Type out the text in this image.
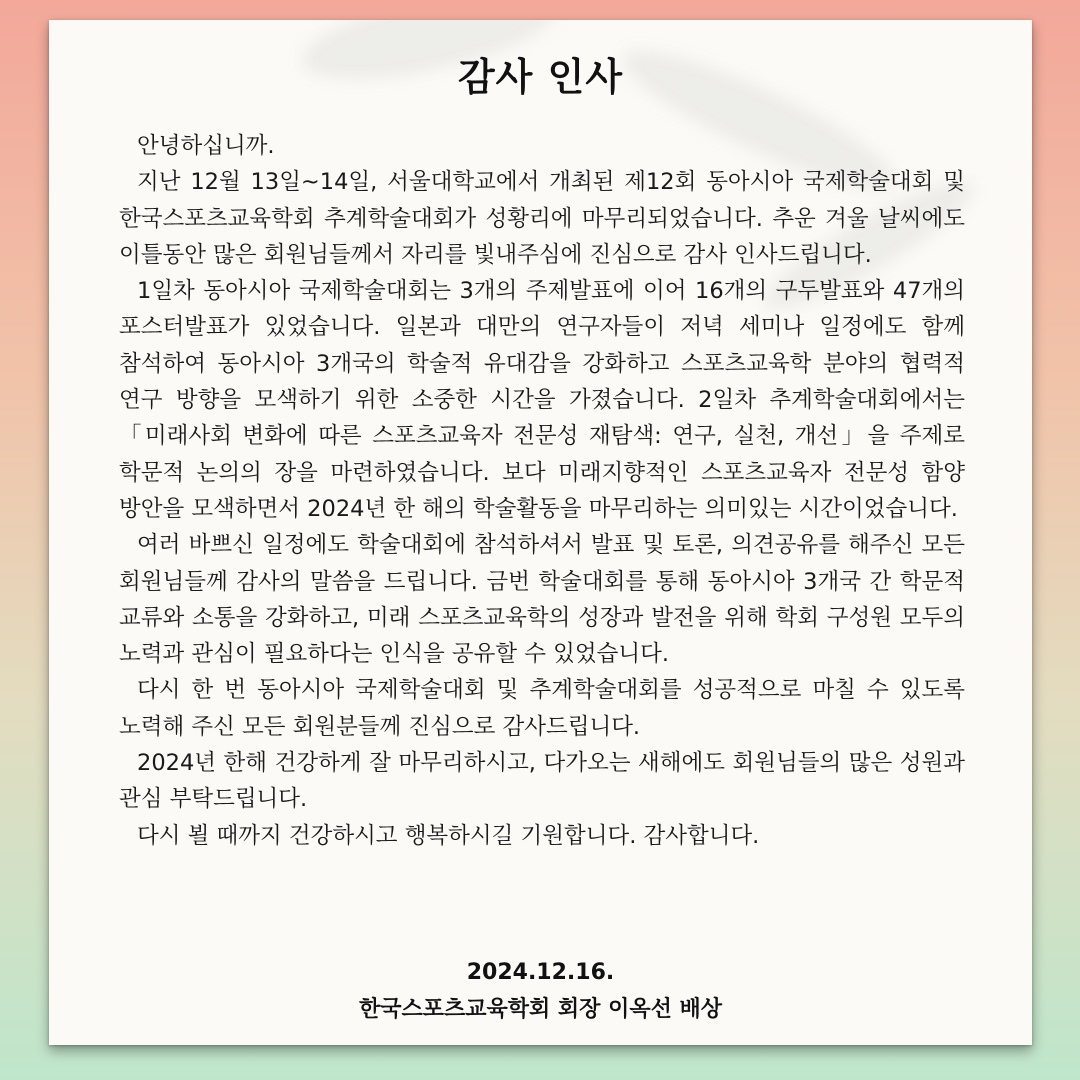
감사 인사

안녕하십니까.

지난 12월 13일~14일, 서울대학교에서 개최된 제12회 동아시아 국제학술대회 및 한국스포츠교육학회 추계학술대회가 성황리에 마무리되었습니다. 추운 겨울 날씨에도 이틀동안 많은 회원님들께서 자리를 빛내주심에 진심으로 감사 인사드립니다.

1일차 동아시아 국제학술대회는 3개의 주제발표에 이어 16개의 구두발표와 47개의 포스터발표가 있었습니다. 일본과 대만의 연구자들이 저녁 세미나 일정에도 함께 참석하여 동아시아 3개국의 학술적 유대감을 강화하고 스포츠교육학 분야의 협력적 연구 방향을 모색하기 위한 소중한 시간을 가졌습니다. 2일차 추계학술대회에서는「미래사회 변화에 따른 스포츠교육자 전문성 재탐색: 연구, 실천, 개선」을 주제로 학문적 논의의 장을 마련하였습니다. 보다 미래지향적인 스포츠교육자 전문성 함양 방안을 모색하면서 2024년 한 해의 학술활동을 마무리하는 의미있는 시간이었습니다.

여러 바쁘신 일정에도 학술대회에 참석하셔서 발표 및 토론, 의견공유를 해주신 모든 회원님들께 감사의 말씀을 드립니다. 금번 학술대회를 통해 동아시아 3개국 간 학문적 교류와 소통을 강화하고, 미래 스포츠교육학의 성장과 발전을 위해 학회 구성원 모두의 노력과 관심이 필요하다는 인식을 공유할 수 있었습니다.

다시 한 번 동아시아 국제학술대회 및 추계학술대회를 성공적으로 마칠 수 있도록 노력해 주신 모든 회원분들께 진심으로 감사드립니다.

2024년 한해 건강하게 잘 마무리하시고, 다가오는 새해에도 회원님들의 많은 성원과 관심 부탁드립니다.

다시 뵐 때까지 건강하시고 행복하시길 기원합니다. 감사합니다.

2024.12.16.
한국스포츠교육학회 회장 이옥선 배상
